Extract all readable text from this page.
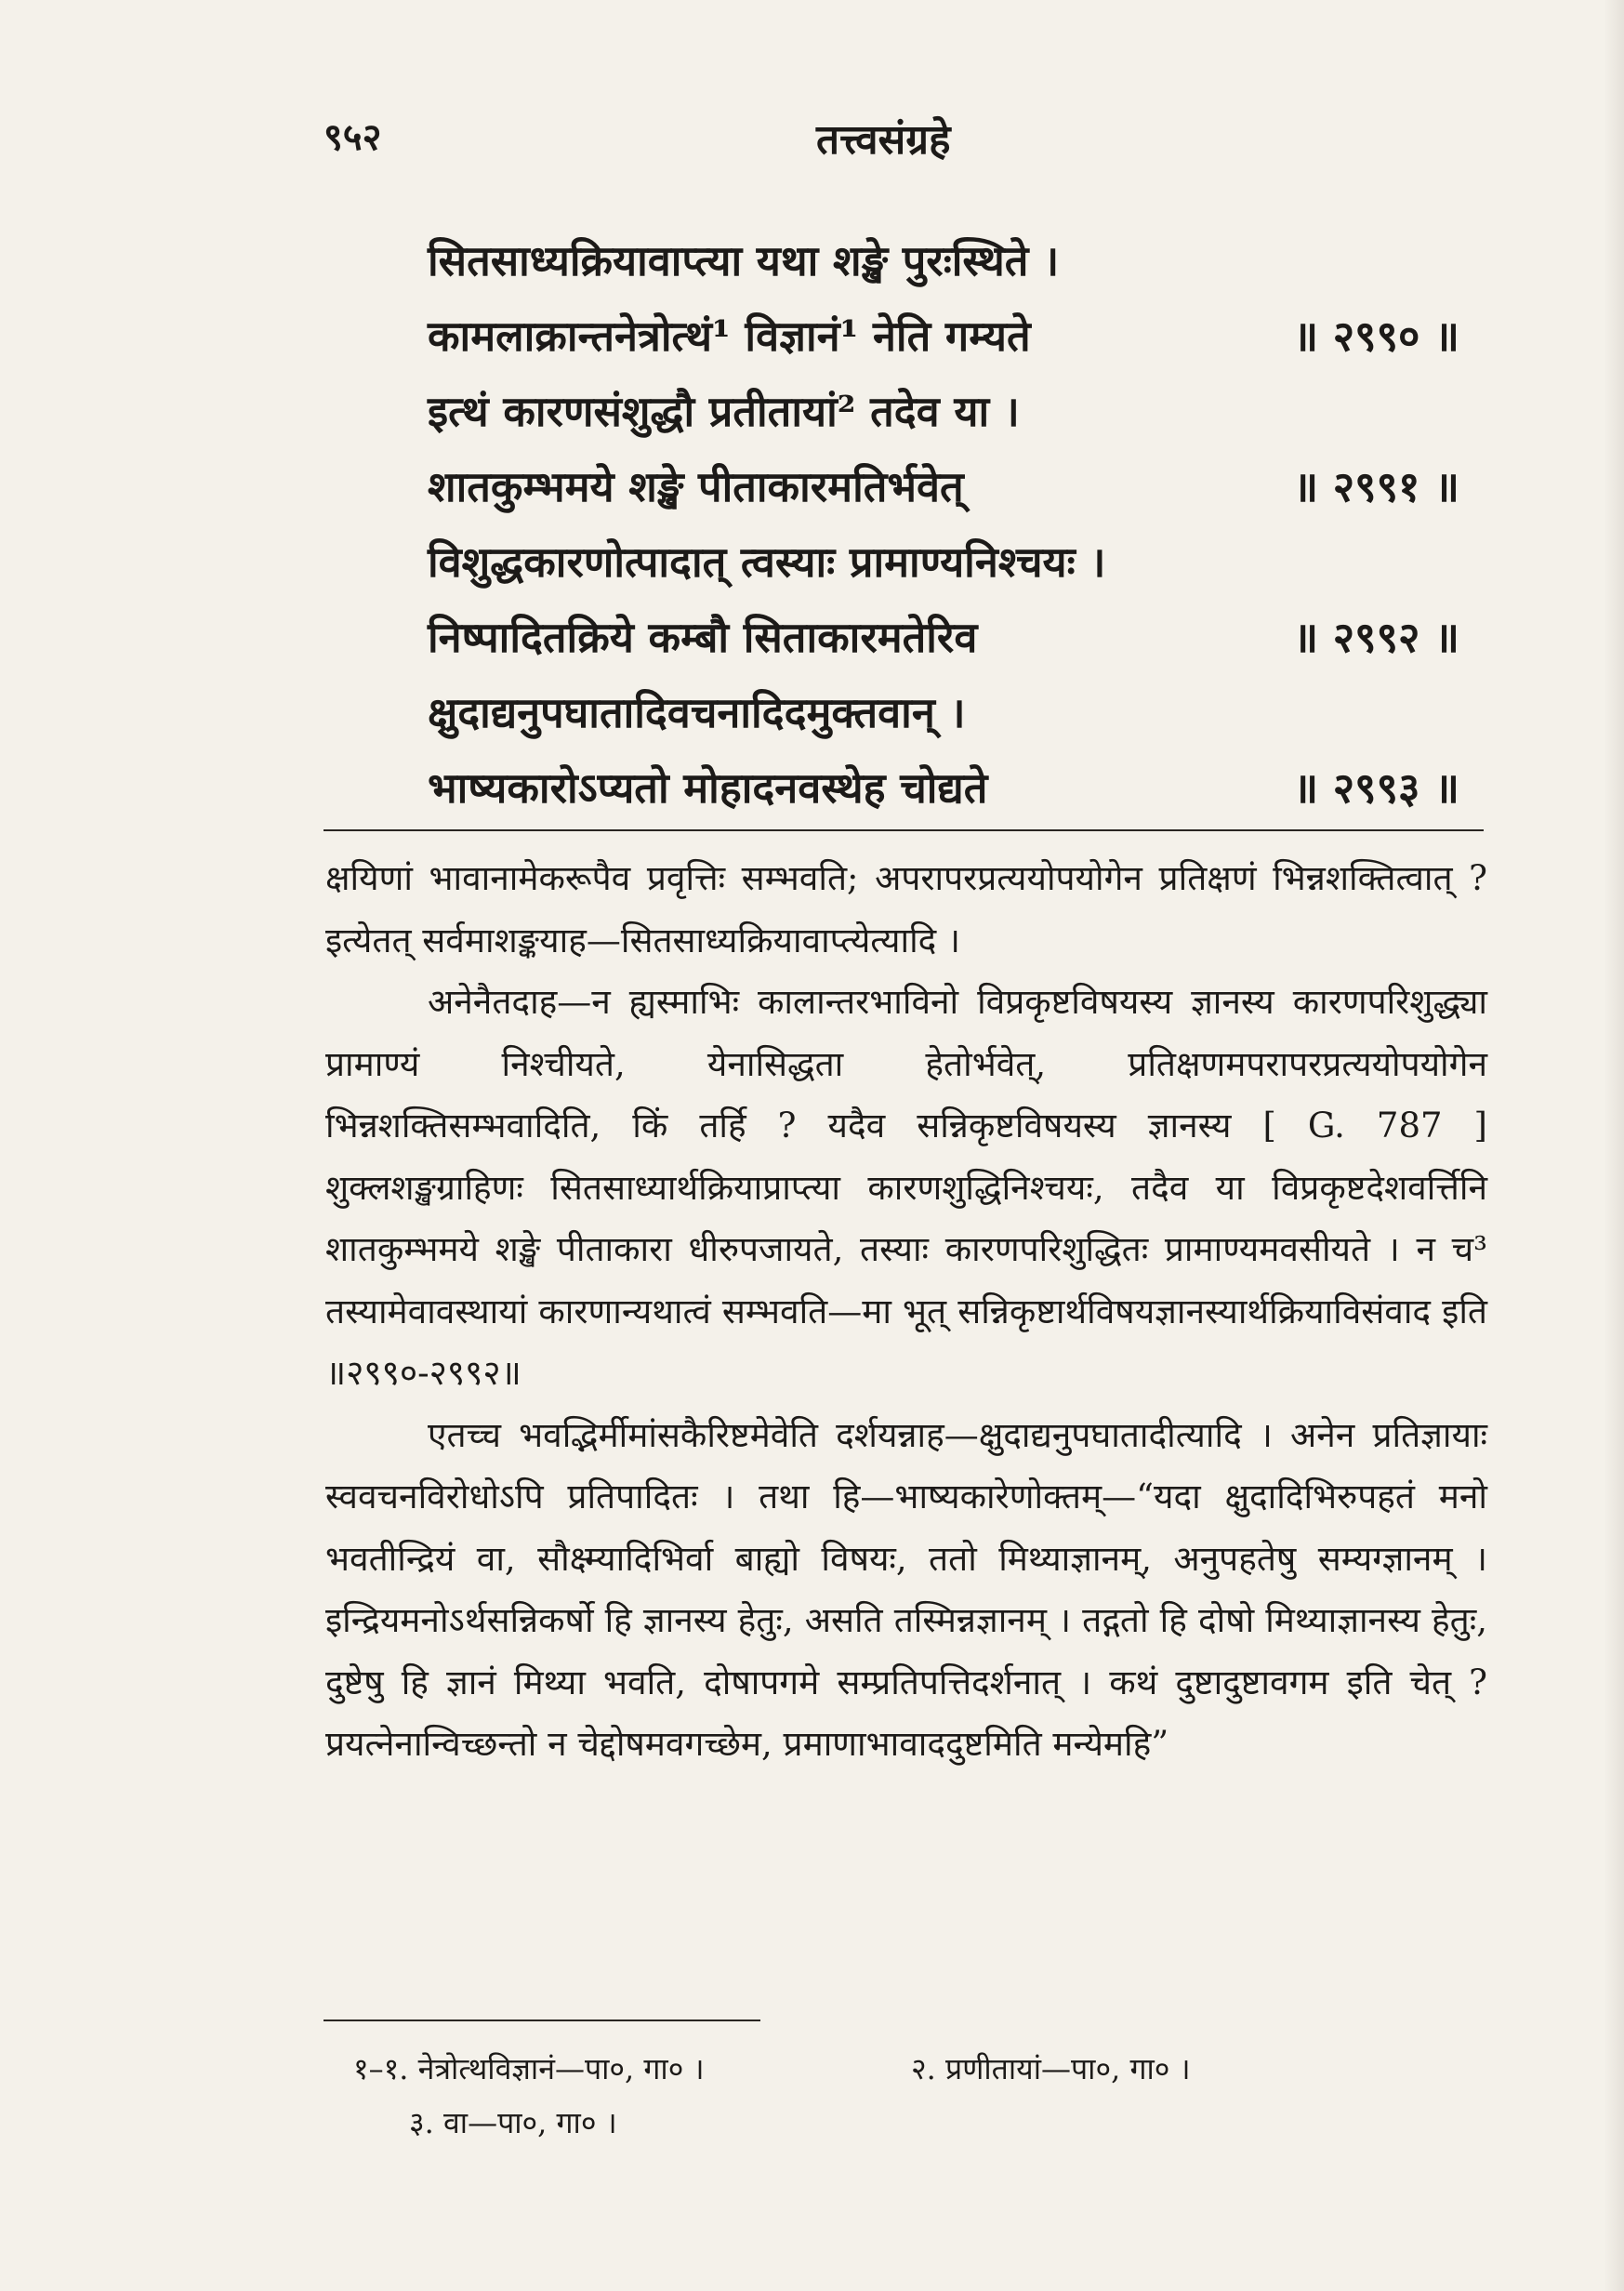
९५२	तत्त्वसंग्रहे
सितसाध्यक्रियावाप्त्या यथा शङ्खे पुरःस्थिते ।
कामलाक्रान्तनेत्रोत्थं¹ विज्ञानं¹ नेति गम्यते	॥ २९९० ॥
इत्थं कारणसंशुद्धौ प्रतीतायां² तदेव या ।
शातकुम्भमये शङ्खे पीताकारमतिर्भवेत्	॥ २९९१ ॥
विशुद्धकारणोत्पादात् त्वस्याः प्रामाण्यनिश्चयः ।
निष्पादितक्रिये कम्बौ सिताकारमतेरिव	॥ २९९२ ॥
क्षुदाद्यनुपघातादिवचनादिदमुक्तवान् ।
भाष्यकारोऽप्यतो मोहादनवस्थेह चोद्यते	॥ २९९३ ॥

क्षयिणां भावानामेकरूपैव प्रवृत्तिः सम्भवति; अपरापरप्रत्ययोपयोगेन प्रतिक्षणं भिन्नशक्तित्वात् ? इत्येतत् सर्वमाशङ्कयाह—सितसाध्यक्रियावाप्त्येत्यादि ।

अनेनैतदाह—न ह्यस्माभिः कालान्तरभाविनो विप्रकृष्टविषयस्य ज्ञानस्य कारणपरिशुद्ध्या प्रामाण्यं निश्चीयते, येनासिद्धता हेतोर्भवेत्, प्रतिक्षणमपरापरप्रत्ययोपयोगेन भिन्नशक्तिसम्भवादिति, किं तर्हि ? यदैव सन्निकृष्टविषयस्य ज्ञानस्य [ G. 787 ] शुक्लशङ्खग्राहिणः सितसाध्यार्थक्रियाप्राप्त्या कारणशुद्धिनिश्चयः, तदैव या विप्रकृष्टदेशवर्त्तिनि शातकुम्भमये शङ्खे पीताकारा धीरुपजायते, तस्याः कारणपरिशुद्धितः प्रामाण्यमवसीयते । न च³ तस्यामेवावस्थायां कारणान्यथात्वं सम्भवति—मा भूत् सन्निकृष्टार्थविषयज्ञानस्यार्थक्रियाविसंवाद इति ॥२९९०-२९९२॥

एतच्च भवद्भिर्मीमांसकैरिष्टमेवेति दर्शयन्नाह—क्षुदाद्यनुपघातादीत्यादि । अनेन प्रतिज्ञायाः स्ववचनविरोधोऽपि प्रतिपादितः । तथा हि—भाष्यकारेणोक्तम्—“यदा क्षुदादिभिरुपहतं मनो भवतीन्द्रियं वा, सौक्ष्म्यादिभिर्वा बाह्यो विषयः, ततो मिथ्याज्ञानम्, अनुपहतेषु सम्यग्ज्ञानम् । इन्द्रियमनोऽर्थसन्निकर्षो हि ज्ञानस्य हेतुः, असति तस्मिन्नज्ञानम् । तद्गतो हि दोषो मिथ्याज्ञानस्य हेतुः, दुष्टेषु हि ज्ञानं मिथ्या भवति, दोषापगमे सम्प्रतिपत्तिदर्शनात् । कथं दुष्टादुष्टावगम इति चेत् ? प्रयत्नेनान्विच्छन्तो न चेद्दोषमवगच्छेम, प्रमाणाभावाददुष्टमिति मन्येमहि”

१–१. नेत्रोत्थविज्ञानं—पा०, गा० ।	२. प्रणीतायां—पा०, गा० ।
३. वा—पा०, गा० ।
